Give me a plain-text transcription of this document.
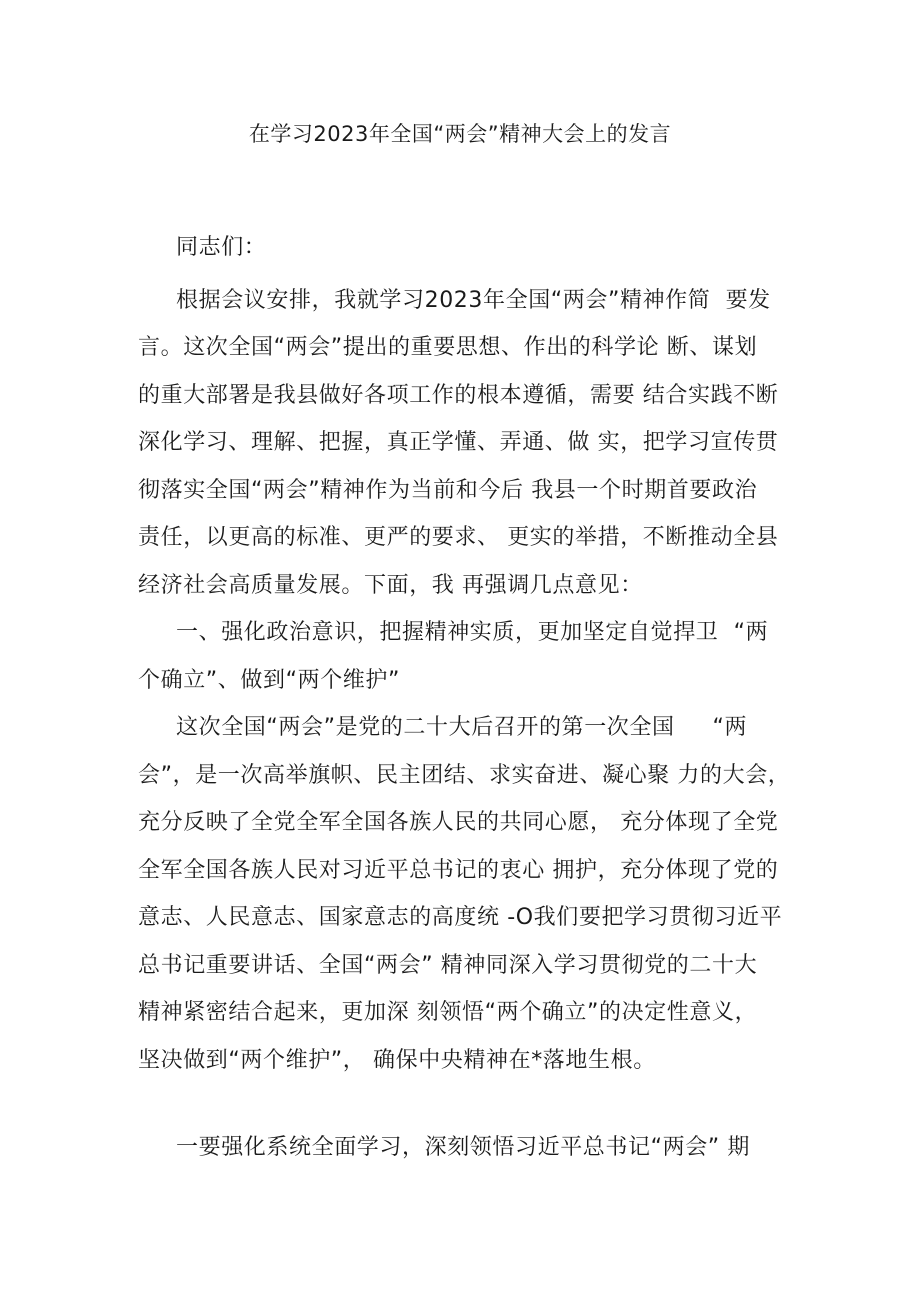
在学习2023年全国“两会”精神大会上的发言
同志们：
根据会议安排，我就学习2023年全国“两会”精神作简  要发
言。这次全国“两会”提出的重要思想、作出的科学论 断、谋划
的重大部署是我县做好各项工作的根本遵循，需要 结合实践不断
深化学习、理解、把握，真正学懂、弄通、做 实，把学习宣传贯
彻落实全国“两会”精神作为当前和今后 我县一个时期首要政治
责任，以更高的标准、更严的要求、 更实的举措，不断推动全县
经济社会高质量发展。下面，我 再强调几点意见：
一、强化政治意识，把握精神实质，更加坚定自觉捍卫  “两
个确立”、做到“两个维护”
这次全国“两会”是党的二十大后召开的第一次全国     “两
会”，是一次高举旗帜、民主团结、求实奋进、凝心聚 力的大会，
充分反映了全党全军全国各族人民的共同心愿， 充分体现了全党
全军全国各族人民对习近平总书记的衷心 拥护，充分体现了党的
意志、人民意志、国家意志的高度统 -O我们要把学习贯彻习近平
总书记重要讲话、全国“两会” 精神同深入学习贯彻党的二十大
精神紧密结合起来，更加深 刻领悟“两个确立”的决定性意义，
坚决做到“两个维护”， 确保中央精神在*落地生根。
一要强化系统全面学习，深刻领悟习近平总书记“两会” 期
